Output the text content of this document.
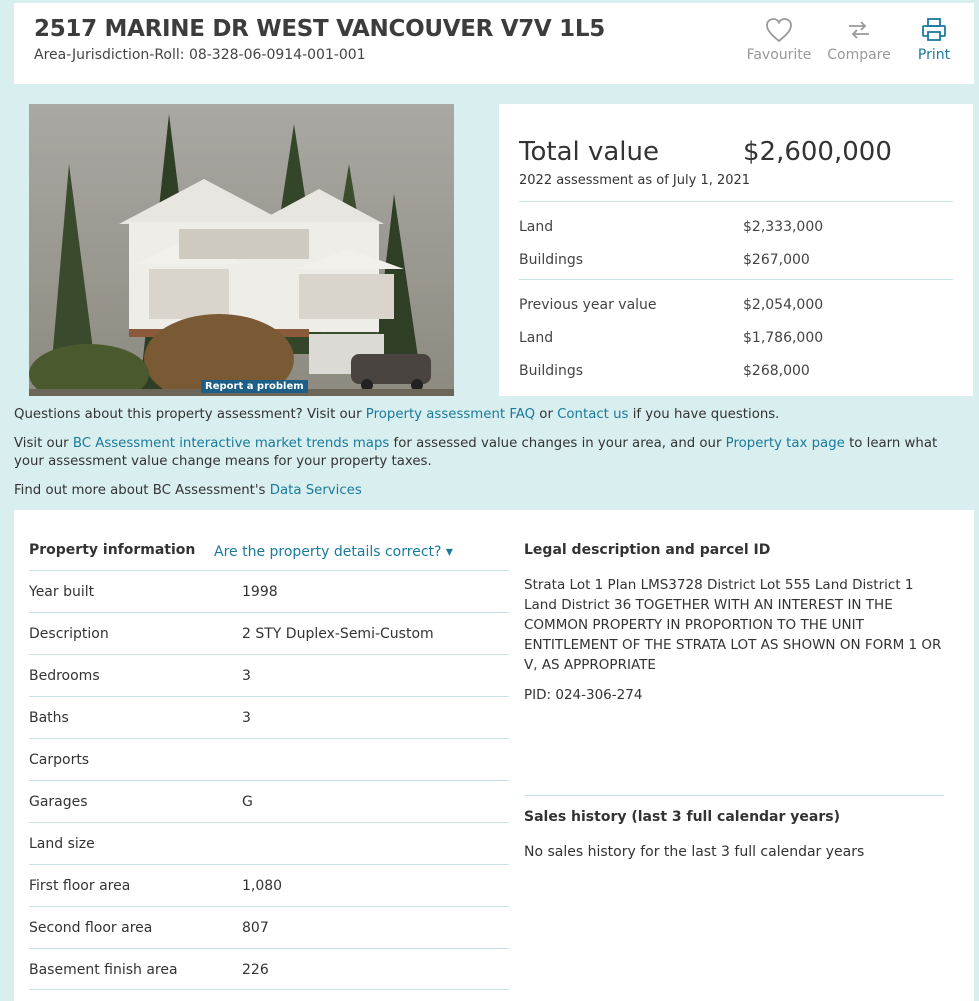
2517 MARINE DR WEST VANCOUVER V7V 1L5
Area-Jurisdiction-Roll: 08-328-06-0914-001-001	Favourite Compare	Print
Report a problem
Total value	$2,600,000
2022 assessment as of July 1, 2021
Land	$2,333,000
Buildings	$267,000
Previous year value	$2,054,000
Land	$1,786,000
Buildings	$268,000
Questions about this property assessment? Visit our Property assessment FAQ or Contact us if you have questions.
Visit our BC Assessment interactive market trends maps for assessed value changes in your area, and our Property tax page to learn what your assessment value change means for your property taxes.
Find out more about BC Assessment's Data Services
Property information Are the property details correct? ▾
Year built	1998
Description	2 STY Duplex-Semi-Custom
Bedrooms	3
Baths	3
Carports
Garages	G
Land size
First floor area	1,080
Second floor area	807
Basement finish area	226
Legal description and parcel ID
Strata Lot 1 Plan LMS3728 District Lot 555 Land District 1 Land District 36 TOGETHER WITH AN INTEREST IN THE COMMON PROPERTY IN PROPORTION TO THE UNIT ENTITLEMENT OF THE STRATA LOT AS SHOWN ON FORM 1 OR V, AS APPROPRIATE
PID: 024-306-274
Sales history (last 3 full calendar years)
No sales history for the last 3 full calendar years
